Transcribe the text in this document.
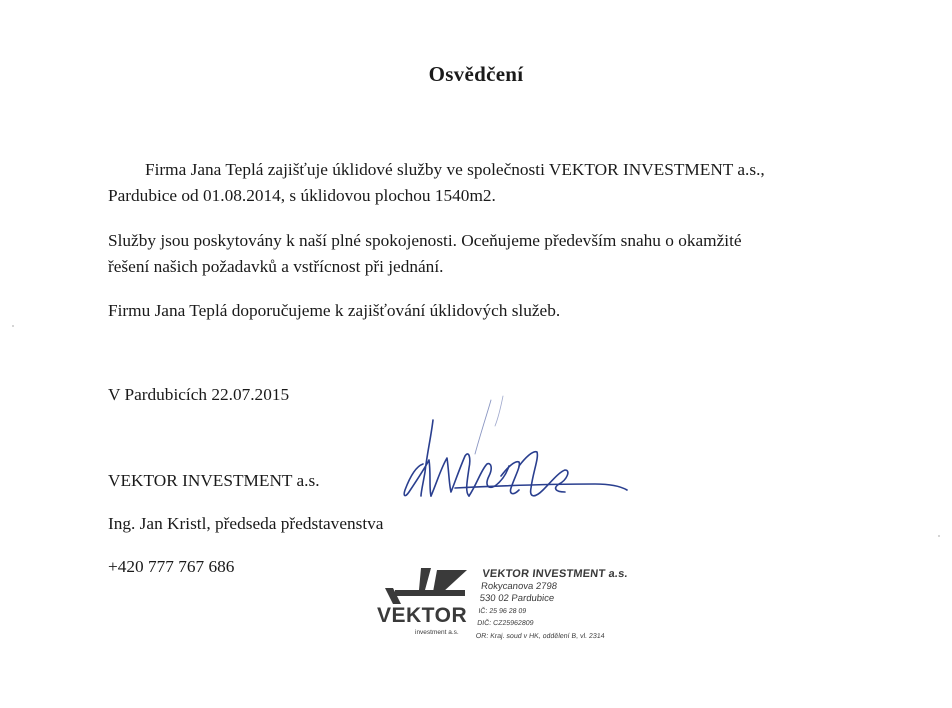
Osvědčení
Firma Jana Teplá zajišťuje úklidové služby ve společnosti VEKTOR INVESTMENT a.s.,
Pardubice od 01.08.2014, s úklidovou plochou 1540m2.
Služby jsou poskytovány k naší plné spokojenosti. Oceňujeme především snahu o okamžité
řešení našich požadavků a vstřícnost při jednání.
Firmu Jana Teplá doporučujeme k zajišťování úklidových služeb.
V Pardubicích 22.07.2015
VEKTOR INVESTMENT a.s.
Ing. Jan Kristl, předseda představenstva
+420 777 767 686
VEKTOR
investment a.s.
VEKTOR INVESTMENT a.s.
Rokycanova 2798
530 02 Pardubice
IČ: 25 96 28 09
DIČ: CZ25962809
OR: Kraj. soud v HK, oddělení B, vl. 2314
